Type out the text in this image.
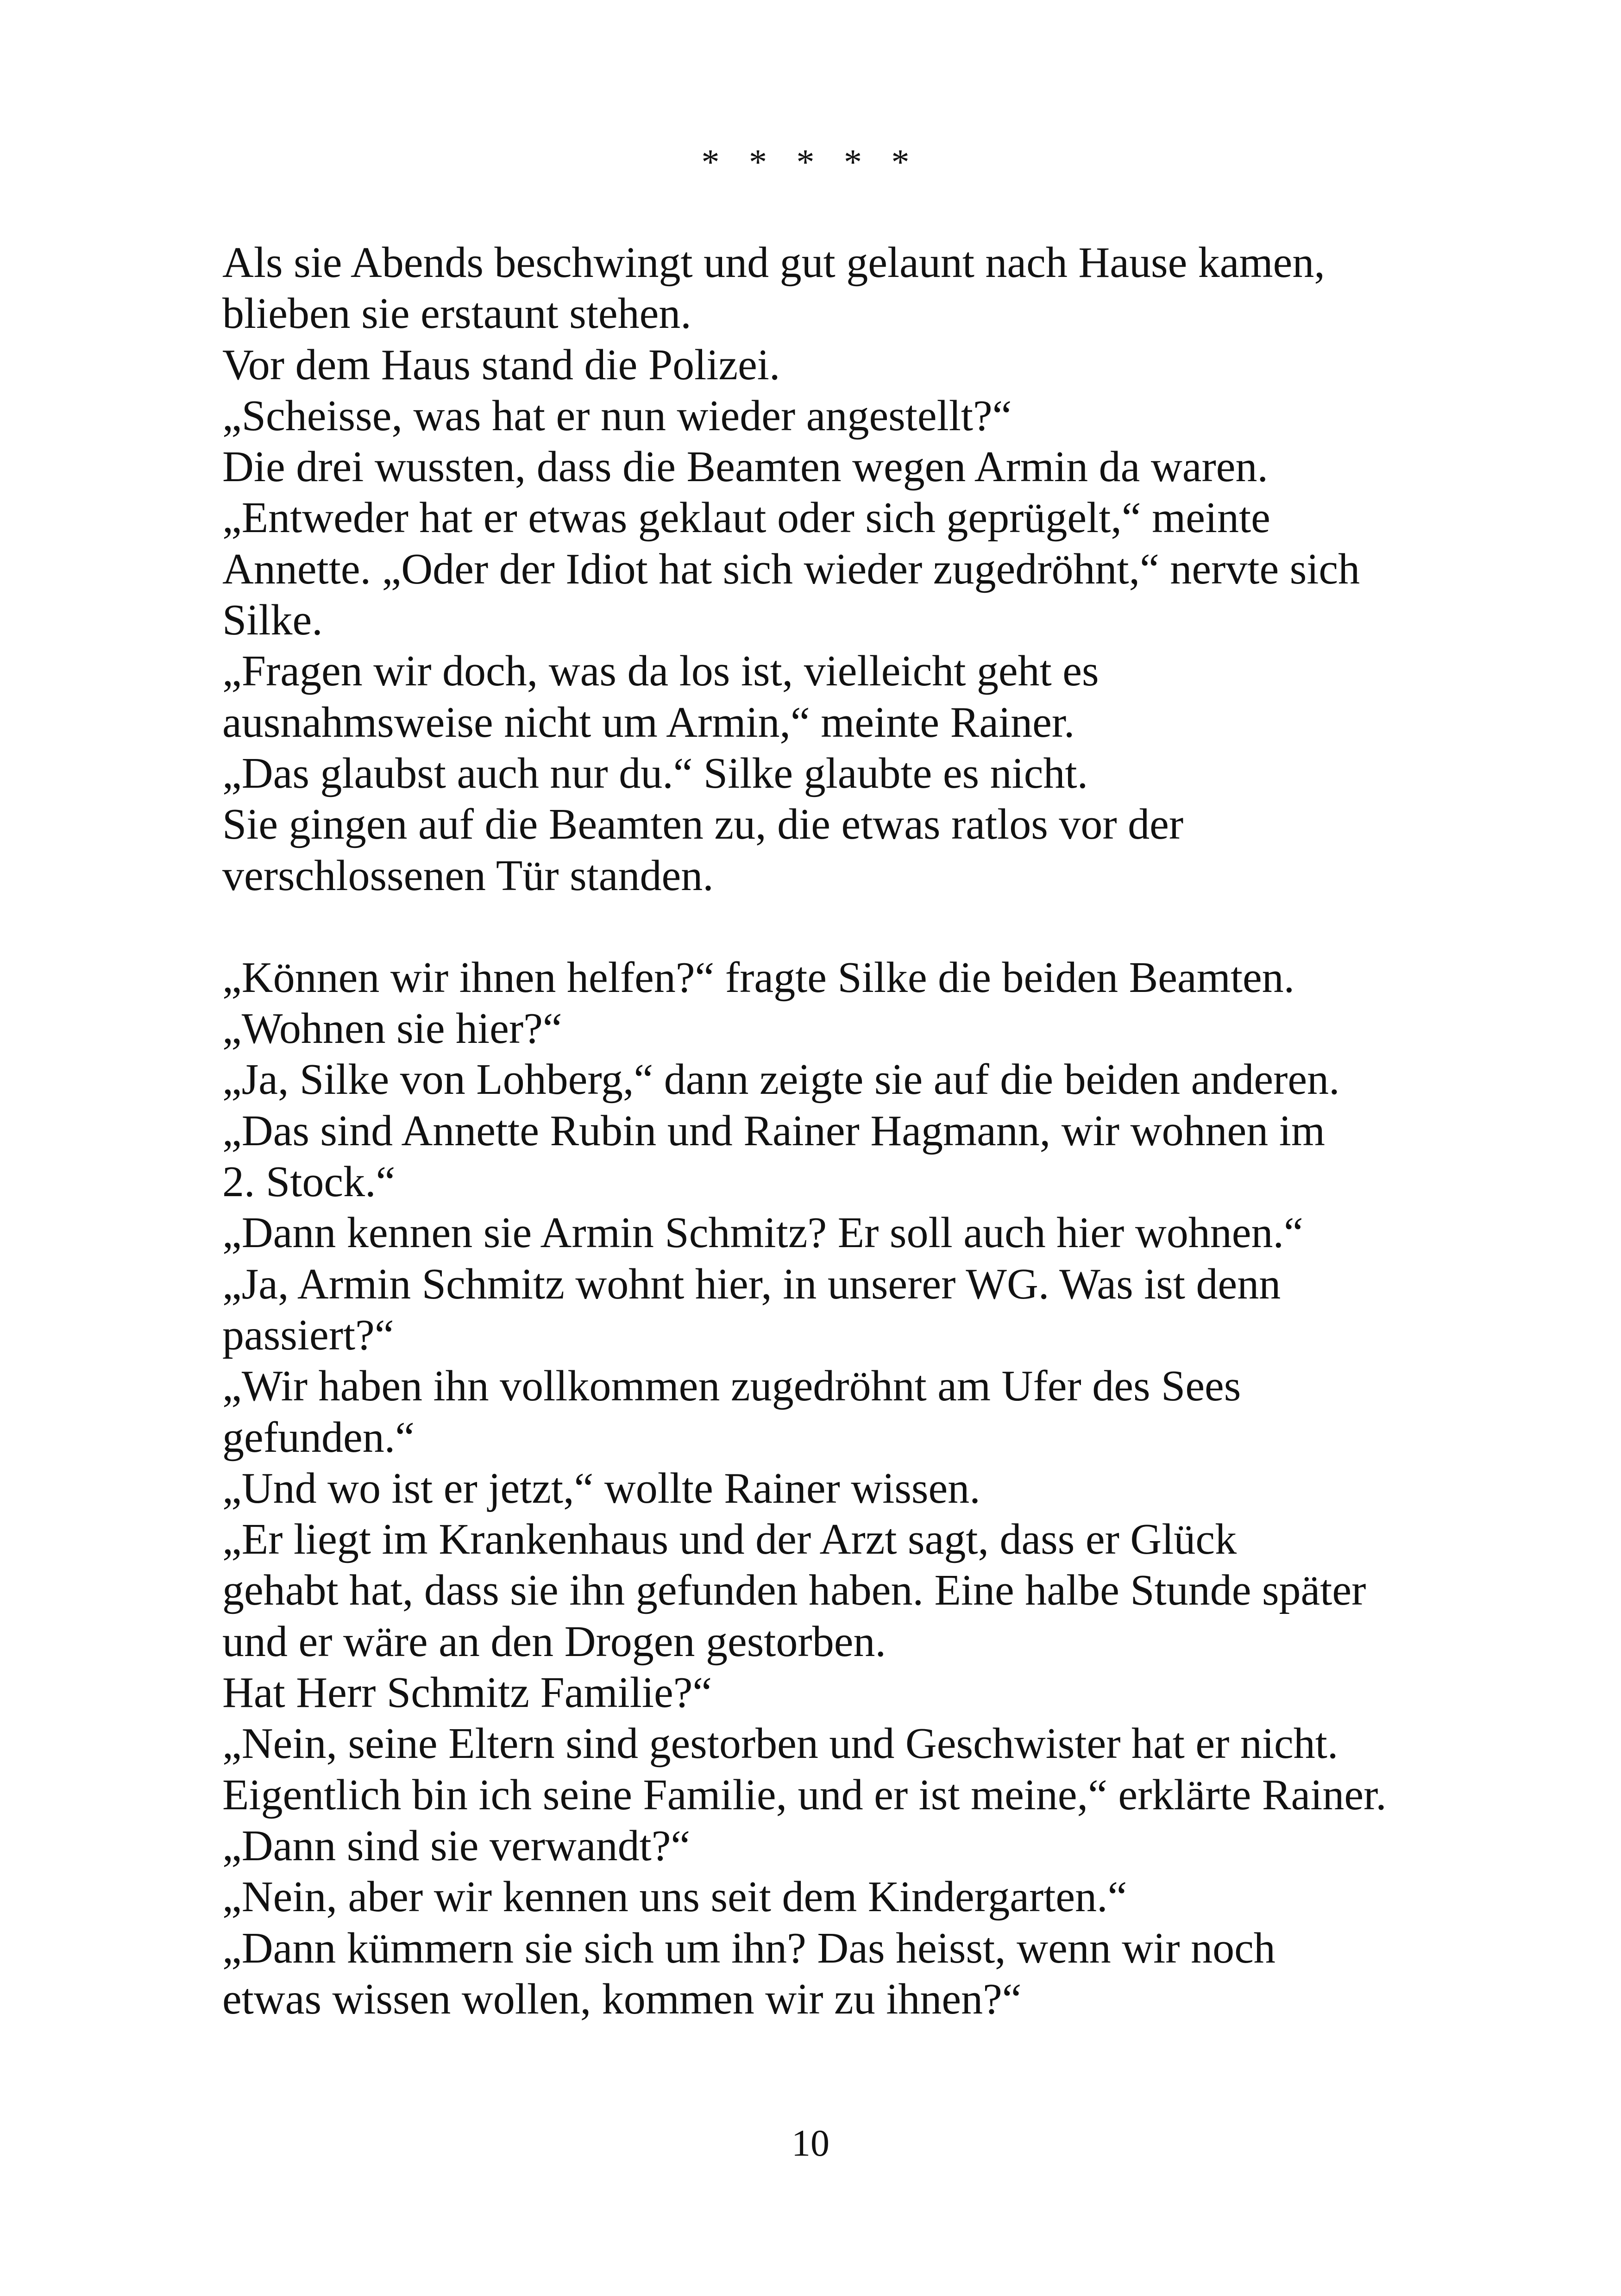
* * * * *

Als sie Abends beschwingt und gut gelaunt nach Hause kamen,
blieben sie erstaunt stehen.

Vor dem Haus stand die Polizei.

„Scheisse, was hat er nun wieder angestellt?“

Die drei wussten, dass die Beamten wegen Armin da waren.

„Entweder hat er etwas geklaut oder sich geprügelt,“ meinte
Annette. „Oder der Idiot hat sich wieder zugedröhnt,“ nervte sich
Silke.

„Fragen wir doch, was da los ist, vielleicht geht es
ausnahmsweise nicht um Armin,“ meinte Rainer.

„Das glaubst auch nur du.“ Silke glaubte es nicht.

Sie gingen auf die Beamten zu, die etwas ratlos vor der
verschlossenen Tür standen.

„Können wir ihnen helfen?“ fragte Silke die beiden Beamten.

„Wohnen sie hier?“

„Ja, Silke von Lohberg,“ dann zeigte sie auf die beiden anderen.

„Das sind Annette Rubin und Rainer Hagmann, wir wohnen im
2. Stock.“

„Dann kennen sie Armin Schmitz? Er soll auch hier wohnen.“

„Ja, Armin Schmitz wohnt hier, in unserer WG. Was ist denn
passiert?“

„Wir haben ihn vollkommen zugedröhnt am Ufer des Sees
gefunden.“

„Und wo ist er jetzt,“ wollte Rainer wissen.

„Er liegt im Krankenhaus und der Arzt sagt, dass er Glück
gehabt hat, dass sie ihn gefunden haben. Eine halbe Stunde später
und er wäre an den Drogen gestorben.

Hat Herr Schmitz Familie?“

„Nein, seine Eltern sind gestorben und Geschwister hat er nicht.
Eigentlich bin ich seine Familie, und er ist meine,“ erklärte Rainer.

„Dann sind sie verwandt?“

„Nein, aber wir kennen uns seit dem Kindergarten.“

„Dann kümmern sie sich um ihn? Das heisst, wenn wir noch
etwas wissen wollen, kommen wir zu ihnen?“

10
